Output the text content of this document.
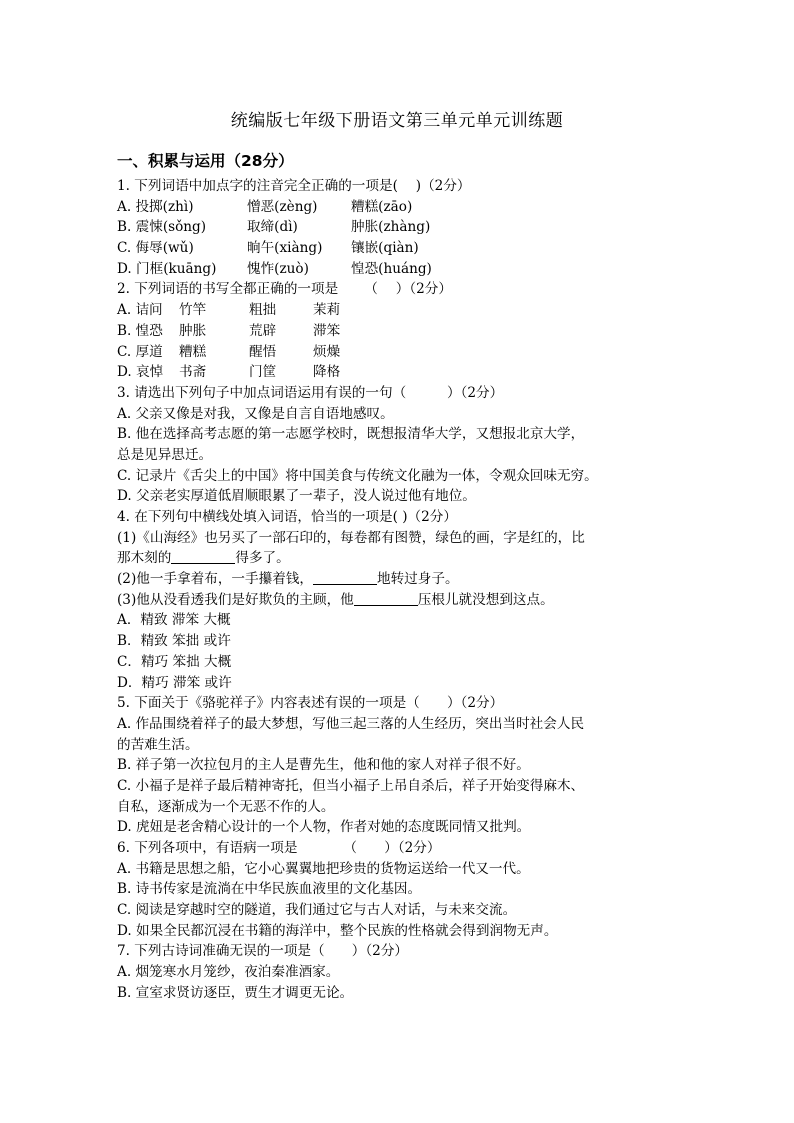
统编版七年级下册语文第三单元单元训练题
一、积累与运用（28分）
1. 下列词语中加点字的注音完全正确的一项是(　 )（2分）
A. 投掷(zhì)	憎恶(zèng) 糟糕(zāo)
B. 震悚(sǒng)	取缔(dì)	肿胀(zhàng)
C. 侮辱(wǔ)	晌午(xiàng) 镶嵌(qiàn)
D. 门框(kuāng) 愧怍(zuò)	惶恐(huáng)
2. 下列词语的书写全都正确的一项是 （　 ）（2分）
A. 诘问 竹竿	粗拙	茉莉
B. 惶恐 肿胀	荒辟	滞笨
C. 厚道 糟糕	醒悟	烦燥
D. 哀悼 书斋	门筐	降格
3. 请选出下列句子中加点词语运用有误的一句（　　　）（2分）
A. 父亲又像是对我，又像是自言自语地感叹。
B. 他在选择高考志愿的第一志愿学校时，既想报清华大学，又想报北京大学，
总是见异思迁。
C. 记录片《舌尖上的中国》将中国美食与传统文化融为一体，令观众回味无穷。
D. 父亲老实厚道低眉顺眼累了一辈子，没人说过他有地位。
4. 在下列句中横线处填入词语，恰当的一项是( )（2分）
(1)《山海经》也另买了一部石印的，每卷都有图赞，绿色的画，字是红的，比
那木刻的	得多了。
(2)他一手拿着布，一手攥着钱，	地转过身子。
(3)他从没看透我们是好欺负的主顾，他	压根儿就没想到这点。
A．精致 滞笨 大概
B．精致 笨拙 或许
C．精巧 笨拙 大概
D．精巧 滞笨 或许
5. 下面关于《骆驼祥子》内容表述有误的一项是（　　）（2分）
A. 作品围绕着祥子的最大梦想，写他三起三落的人生经历，突出当时社会人民
的苦难生活。
B. 祥子第一次拉包月的主人是曹先生，他和他的家人对祥子很不好。
C. 小福子是祥子最后精神寄托，但当小福子上吊自杀后，祥子开始变得麻木、
自私，逐渐成为一个无恶不作的人。
D. 虎妞是老舍精心设计的一个人物，作者对她的态度既同情又批判。
6. 下列各项中，有语病一项是	（　　）（2分）
A. 书籍是思想之船，它小心翼翼地把珍贵的货物运送给一代又一代。
B. 诗书传家是流淌在中华民族血液里的文化基因。
C. 阅读是穿越时空的隧道，我们通过它与古人对话，与未来交流。
D. 如果全民都沉浸在书籍的海洋中，整个民族的性格就会得到润物无声。
7. 下列古诗词准确无误的一项是（　　）（2分）
A. 烟笼寒水月笼纱，夜泊秦准酒家。
B. 宣室求贤访逐臣，贾生才调更无论。
